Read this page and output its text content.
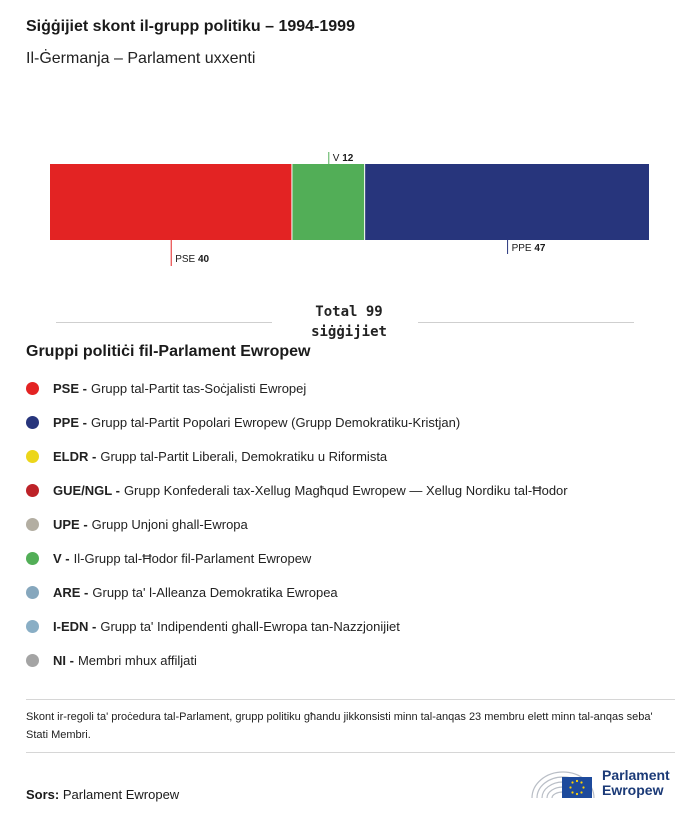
Siġġijiet skont il-grupp politiku – 1994-1999
Il-Ġermanja – Parlament uxxenti
PSE 40
V 12
PPE 47
Total 99
siġġijiet
Gruppi politiċi fil-Parlament Ewropew
PSE - Grupp tal-Partit tas-Soċjalisti Ewropej
PPE - Grupp tal-Partit Popolari Ewropew (Grupp Demokratiku-Kristjan)
ELDR - Grupp tal-Partit Liberali, Demokratiku u Riformista
GUE/NGL - Grupp Konfederali tax-Xellug Magħqud Ewropew — Xellug Nordiku tal-Ħodor
UPE - Grupp Unjoni ghall-Ewropa
V - Il-Grupp tal-Ħodor fil-Parlament Ewropew
ARE - Grupp ta' l-Alleanza Demokratika Ewropea
I-EDN - Grupp ta' Indipendenti ghall-Ewropa tan-Nazzjonijiet
NI - Membri mhux affiljati
Skont ir-regoli ta' proċedura tal-Parlament, grupp politiku għandu jikkonsisti minn tal-anqas 23 membru elett minn tal-anqas seba' Stati Membri.
Sors: Parlament Ewropew
Parlament
Ewropew
